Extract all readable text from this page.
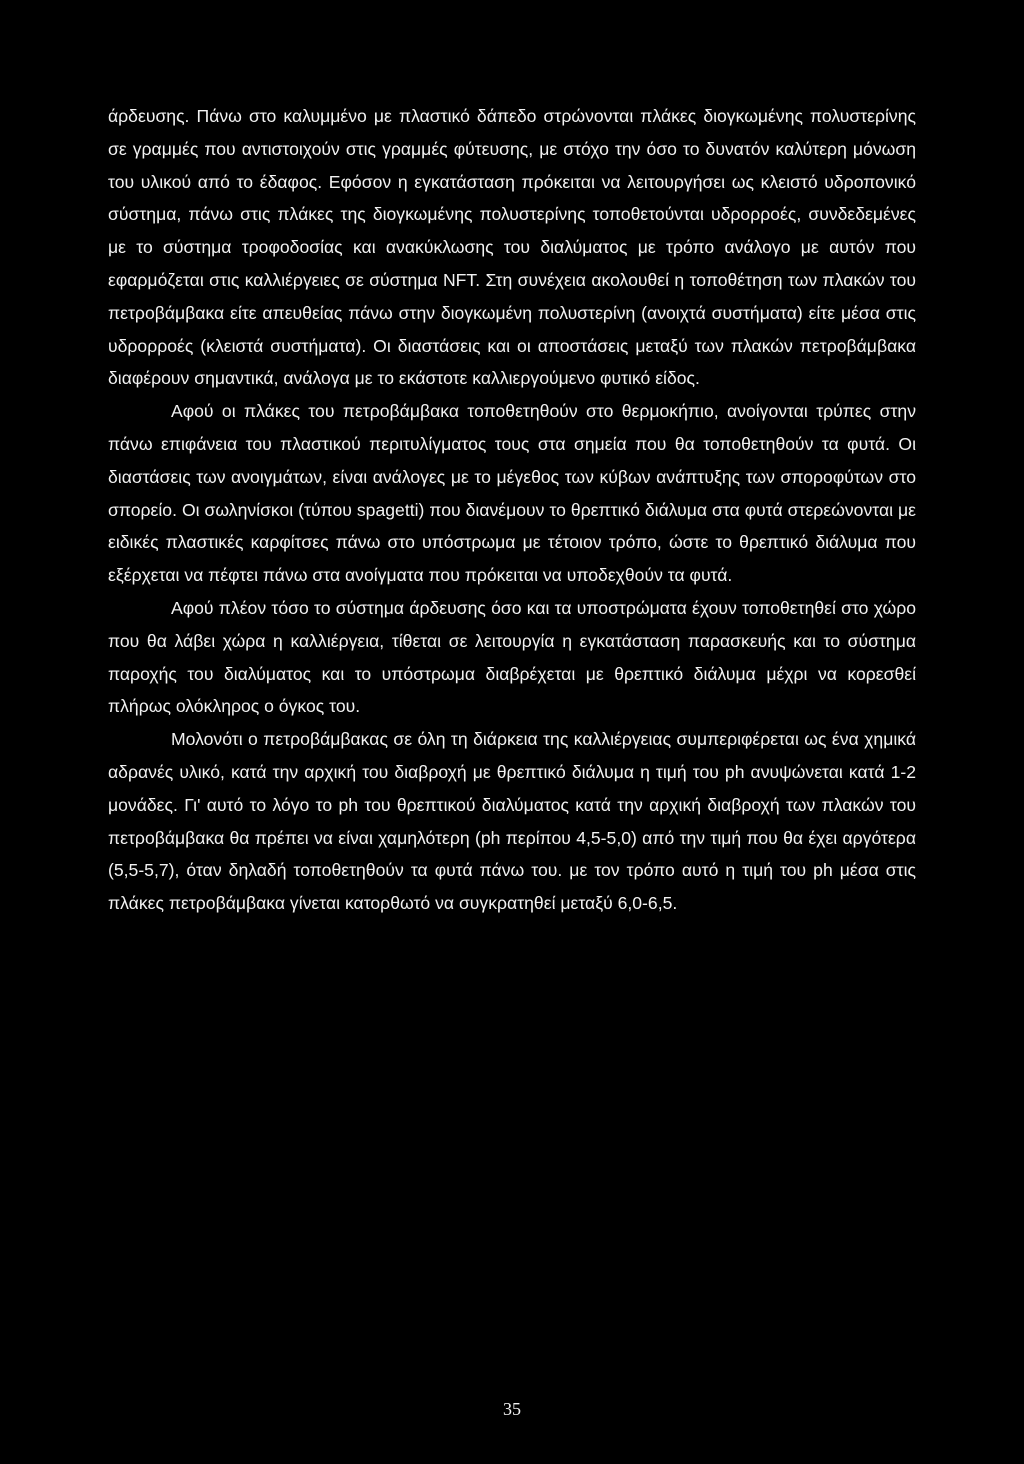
άρδευσης. Πάνω στο καλυμμένο με πλαστικό δάπεδο στρώνονται πλάκες διογκωμένης πολυστερίνης σε γραμμές που αντιστοιχούν στις γραμμές φύτευσης, με στόχο την όσο το δυνατόν καλύτερη μόνωση του υλικού από το έδαφος. Εφόσον η εγκατάσταση πρόκειται να λειτουργήσει ως κλειστό υδροπονικό σύστημα, πάνω στις πλάκες της διογκωμένης πολυστερίνης τοποθετούνται υδρορροές, συνδεδεμένες με το σύστημα τροφοδοσίας και ανακύκλωσης του διαλύματος με τρόπο ανάλογο με αυτόν που εφαρμόζεται στις καλλιέργειες σε σύστημα NFT. Στη συνέχεια ακολουθεί η τοποθέτηση των πλακών του πετροβάμβακα είτε απευθείας πάνω στην διογκωμένη πολυστερίνη (ανοιχτά συστήματα) είτε μέσα στις υδρορροές (κλειστά συστήματα). Οι διαστάσεις και οι αποστάσεις μεταξύ των πλακών πετροβάμβακα διαφέρουν σημαντικά, ανάλογα με το εκάστοτε καλλιεργούμενο φυτικό είδος.

Αφού οι πλάκες του πετροβάμβακα τοποθετηθούν στο θερμοκήπιο, ανοίγονται τρύπες στην πάνω επιφάνεια του πλαστικού περιτυλίγματος τους στα σημεία που θα τοποθετηθούν τα φυτά. Οι διαστάσεις των ανοιγμάτων, είναι ανάλογες με το μέγεθος των κύβων ανάπτυξης των σποροφύτων στο σπορείο. Οι σωληνίσκοι (τύπου spagetti) που διανέμουν το θρεπτικό διάλυμα στα φυτά στερεώνονται με ειδικές πλαστικές καρφίτσες πάνω στο υπόστρωμα με τέτοιον τρόπο, ώστε το θρεπτικό διάλυμα που εξέρχεται να πέφτει πάνω στα ανοίγματα που πρόκειται να υποδεχθούν τα φυτά.

Αφού πλέον τόσο το σύστημα άρδευσης όσο και τα υποστρώματα έχουν τοποθετηθεί στο χώρο που θα λάβει χώρα η καλλιέργεια, τίθεται σε λειτουργία η εγκατάσταση παρασκευής και το σύστημα παροχής του διαλύματος και το υπόστρωμα διαβρέχεται με θρεπτικό διάλυμα μέχρι να κορεσθεί πλήρως ολόκληρος ο όγκος του.

Μολονότι ο πετροβάμβακας σε όλη τη διάρκεια της καλλιέργειας συμπεριφέρεται ως ένα χημικά αδρανές υλικό, κατά την αρχική του διαβροχή με θρεπτικό διάλυμα η τιμή του ph ανυψώνεται κατά 1-2 μονάδες. Γι' αυτό το λόγο το ph του θρεπτικού διαλύματος κατά την αρχική διαβροχή των πλακών του πετροβάμβακα θα πρέπει να είναι χαμηλότερη (ph περίπου 4,5-5,0) από την τιμή που θα έχει αργότερα (5,5-5,7), όταν δηλαδή τοποθετηθούν τα φυτά πάνω του. με τον τρόπο αυτό η τιμή του ph μέσα στις πλάκες πετροβάμβακα γίνεται κατορθωτό να συγκρατηθεί μεταξύ 6,0-6,5.

35
